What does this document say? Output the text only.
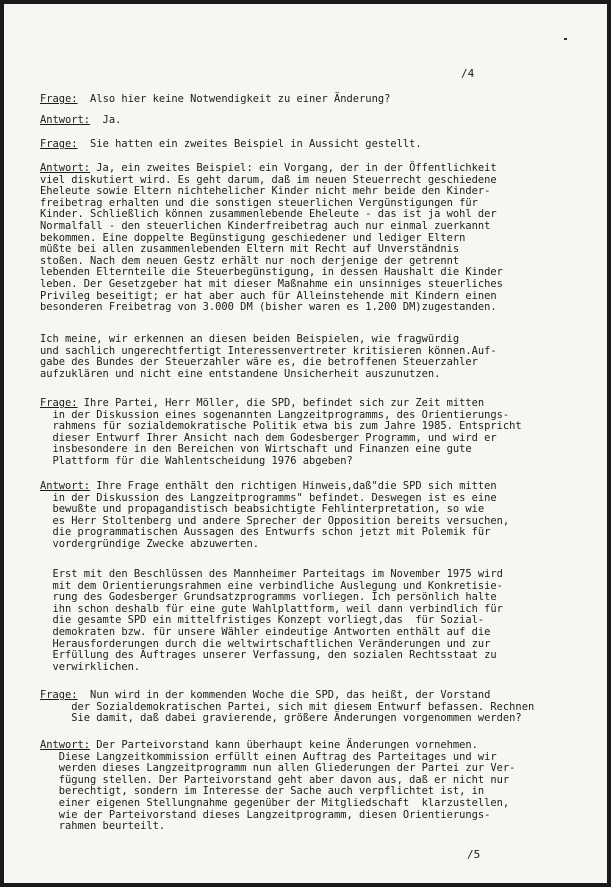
/4
Frage:  Also hier keine Notwendigkeit zu einer Änderung?
Antwort:  Ja.
Frage:  Sie hatten ein zweites Beispiel in Aussicht gestellt.
Antwort: Ja, ein zweites Beispiel: ein Vorgang, der in der Öffentlichkeit
viel diskutiert wird. Es geht darum, daß im neuen Steuerrecht geschiedene
Eheleute sowie Eltern nichtehelicher Kinder nicht mehr beide den Kinder-
freibetrag erhalten und die sonstigen steuerlichen Vergünstigungen für
Kinder. Schließlich können zusammenlebende Eheleute - das ist ja wohl der
Normalfall - den steuerlichen Kinderfreibetrag auch nur einmal zuerkannt
bekommen. Eine doppelte Begünstigung geschiedener und lediger Eltern
müßte bei allen zusammenlebenden Eltern mit Recht auf Unverständnis
stoßen. Nach dem neuen Gestz erhält nur noch derjenige der getrennt
lebenden Elternteile die Steuerbegünstigung, in dessen Haushalt die Kinder
leben. Der Gesetzgeber hat mit dieser Maßnahme ein unsinniges steuerliches
Privileg beseitigt; er hat aber auch für Alleinstehende mit Kindern einen
besonderen Freibetrag von 3.000 DM (bisher waren es 1.200 DM)zugestanden.
Ich meine, wir erkennen an diesen beiden Beispielen, wie fragwürdig
und sachlich ungerechtfertigt Interessenvertreter kritisieren können.Auf-
gabe des Bundes der Steuerzahler wäre es, die betroffenen Steuerzahler
aufzuklären und nicht eine entstandene Unsicherheit auszunutzen.
Frage: Ihre Partei, Herr Möller, die SPD, befindet sich zur Zeit mitten
in der Diskussion eines sogenannten Langzeitprogramms, des Orientierungs-
rahmens für sozialdemokratische Politik etwa bis zum Jahre 1985. Entspricht
dieser Entwurf Ihrer Ansicht nach dem Godesberger Programm, und wird er
insbesondere in den Bereichen von Wirtschaft und Finanzen eine gute
Plattform für die Wahlentscheidung 1976 abgeben?
Antwort: Ihre Frage enthält den richtigen Hinweis,daß"die SPD sich mitten
in der Diskussion des Langzeitprogramms" befindet. Deswegen ist es eine
bewußte und propagandistisch beabsichtigte Fehlinterpretation, so wie
es Herr Stoltenberg und andere Sprecher der Opposition bereits versuchen,
die programmatischen Aussagen des Entwurfs schon jetzt mit Polemik für
vordergründige Zwecke abzuwerten.
Erst mit den Beschlüssen des Mannheimer Parteitags im November 1975 wird
mit dem Orientierungsrahmen eine verbindliche Auslegung und Konkretisie-
rung des Godesberger Grundsatzprogramms vorliegen. Ich persönlich halte
ihn schon deshalb für eine gute Wahlplattform, weil dann verbindlich für
die gesamte SPD ein mittelfristiges Konzept vorliegt,das  für Sozial-
demokraten bzw. für unsere Wähler eindeutige Antworten enthält auf die
Herausforderungen durch die weltwirtschaftlichen Veränderungen und zur
Erfüllung des Auftrages unserer Verfassung, den sozialen Rechtsstaat zu
verwirklichen.
Frage:  Nun wird in der kommenden Woche die SPD, das heißt, der Vorstand
der Sozialdemokratischen Partei, sich mit diesem Entwurf befassen. Rechnen
Sie damit, daß dabei gravierende, größere Änderungen vorgenommen werden?
Antwort: Der Parteivorstand kann überhaupt keine Änderungen vornehmen.
Diese Langzeitkommission erfüllt einen Auftrag des Parteitages und wir
werden dieses Langzeitprogramm nun allen Gliederungen der Partei zur Ver-
fügung stellen. Der Parteivorstand geht aber davon aus, daß er nicht nur
berechtigt, sondern im Interesse der Sache auch verpflichtet ist, in
einer eigenen Stellungnahme gegenüber der Mitgliedschaft  klarzustellen,
wie der Parteivorstand dieses Langzeitprogramm, diesen Orientierungs-
rahmen beurteilt.
/5
